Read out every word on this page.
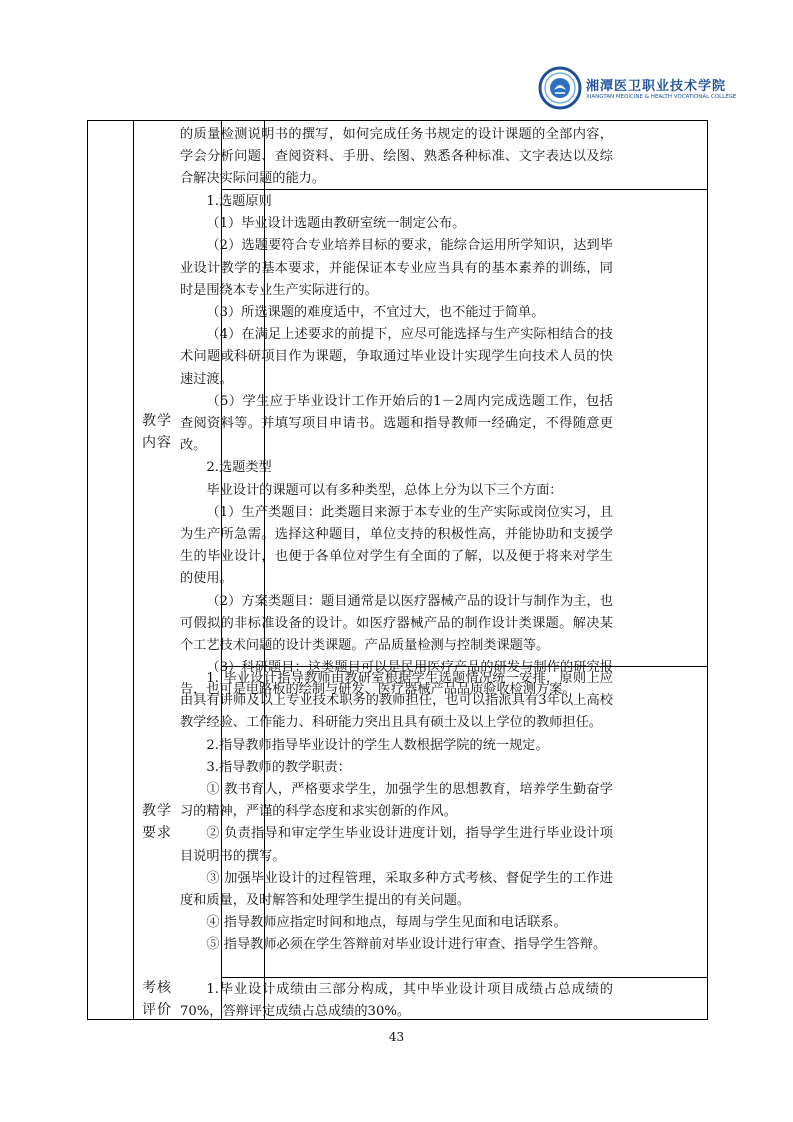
湘潭医卫职业技术学院
XIANGTAN MEDICINE & HEALTH VOCATIONAL COLLEGE

的质量检测说明书的撰写，如何完成任务书规定的设计课题的全部内容，学会分析问题、查阅资料、手册、绘图、熟悉各种标准、文字表达以及综合解决实际问题的能力。

教学内容

1.选题原则

（1）毕业设计选题由教研室统一制定公布。

（2）选题要符合专业培养目标的要求，能综合运用所学知识，达到毕业设计教学的基本要求，并能保证本专业应当具有的基本素养的训练，同时是围绕本专业生产实际进行的。

（3）所选课题的难度适中，不宜过大，也不能过于简单。

（4）在满足上述要求的前提下，应尽可能选择与生产实际相结合的技术问题或科研项目作为课题，争取通过毕业设计实现学生向技术人员的快速过渡。

（5）学生应于毕业设计工作开始后的1－2周内完成选题工作，包括查阅资料等。并填写项目申请书。选题和指导教师一经确定，不得随意更改。

2.选题类型

毕业设计的课题可以有多种类型，总体上分为以下三个方面：

（1）生产类题目：此类题目来源于本专业的生产实际或岗位实习，且为生产所急需。选择这种题目，单位支持的积极性高，并能协助和支援学生的毕业设计，也便于各单位对学生有全面的了解，以及便于将来对学生的使用。

（2）方案类题目：题目通常是以医疗器械产品的设计与制作为主，也可假拟的非标准设备的设计。如医疗器械产品的制作设计类课题。解决某个工艺技术问题的设计类课题。产品质量检测与控制类课题等。

（3）科研题目：这类题目可以是民用医疗产品的研发与制作的研究报告，也可是电路板的绘制与研发、医疗器械产品品质验收检测方案。

教学要求

1. 毕业设计指导教师由教研室根据学生选题情况统一安排，原则上应由具有讲师及以上专业技术职务的教师担任，也可以指派具有3年以上高校教学经验、工作能力、科研能力突出且具有硕士及以上学位的教师担任。

2.指导教师指导毕业设计的学生人数根据学院的统一规定。

3.指导教师的教学职责：

① 教书育人，严格要求学生，加强学生的思想教育，培养学生勤奋学习的精神，严谨的科学态度和求实创新的作风。

② 负责指导和审定学生毕业设计进度计划，指导学生进行毕业设计项目说明书的撰写。

③ 加强毕业设计的过程管理，采取多种方式考核、督促学生的工作进度和质量，及时解答和处理学生提出的有关问题。

④ 指导教师应指定时间和地点，每周与学生见面和电话联系。

⑤ 指导教师必须在学生答辩前对毕业设计进行审查、指导学生答辩。

考核评价

1.毕业设计成绩由三部分构成，其中毕业设计项目成绩占总成绩的70%，答辩评定成绩占总成绩的30%。

43
